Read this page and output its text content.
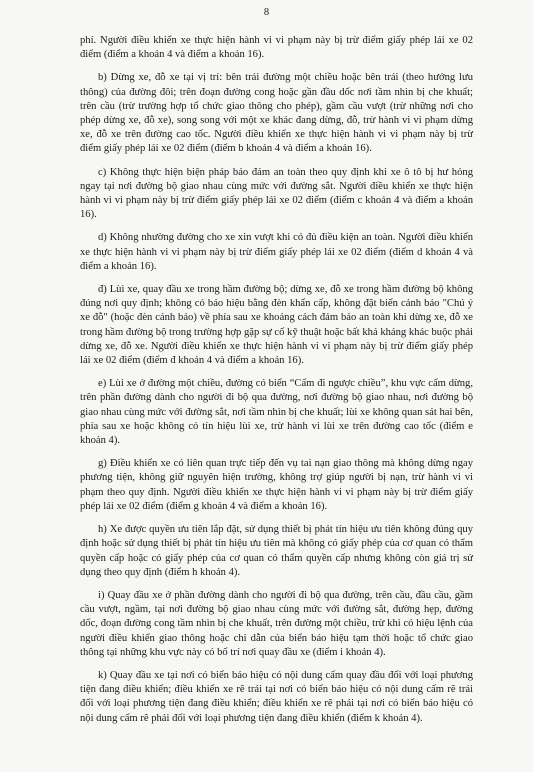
8

phí. Người điều khiển xe thực hiện hành vi vi phạm này bị trừ điểm giấy phép lái xe 02 điểm (điểm a khoản 4 và điểm a khoản 16).

b) Dừng xe, đỗ xe tại vị trí: bên trái đường một chiều hoặc bên trái (theo hướng lưu thông) của đường đôi; trên đoạn đường cong hoặc gần đầu dốc nơi tầm nhìn bị che khuất; trên cầu (trừ trường hợp tổ chức giao thông cho phép), gầm cầu vượt (trừ những nơi cho phép dừng xe, đỗ xe), song song với một xe khác đang dừng, đỗ, trừ hành vi vi phạm dừng xe, đỗ xe trên đường cao tốc. Người điều khiển xe thực hiện hành vi vi phạm này bị trừ điểm giấy phép lái xe 02 điểm (điểm b khoản 4 và điểm a khoản 16).

c) Không thực hiện biện pháp bảo đảm an toàn theo quy định khi xe ô tô bị hư hỏng ngay tại nơi đường bộ giao nhau cùng mức với đường sắt. Người điều khiển xe thực hiện hành vi vi phạm này bị trừ điểm giấy phép lái xe 02 điểm (điểm c khoản 4 và điểm a khoản 16).

d) Không nhường đường cho xe xin vượt khi có đủ điều kiện an toàn. Người điều khiển xe thực hiện hành vi vi phạm này bị trừ điểm giấy phép lái xe 02 điểm (điểm d khoản 4 và điểm a khoản 16).

đ) Lùi xe, quay đầu xe trong hầm đường bộ; dừng xe, đỗ xe trong hầm đường bộ không đúng nơi quy định; không có báo hiệu bằng đèn khẩn cấp, không đặt biển cảnh báo "Chú ý xe đỗ" (hoặc đèn cảnh báo) về phía sau xe khoảng cách đảm bảo an toàn khi dừng xe, đỗ xe trong hầm đường bộ trong trường hợp gặp sự cố kỹ thuật hoặc bất khả kháng khác buộc phải dừng xe, đỗ xe. Người điều khiển xe thực hiện hành vi vi phạm này bị trừ điểm giấy phép lái xe 02 điểm (điểm đ khoản 4 và điểm a khoản 16).

e) Lùi xe ở đường một chiều, đường có biển “Cấm đi ngược chiều”, khu vực cấm dừng, trên phần đường dành cho người đi bộ qua đường, nơi đường bộ giao nhau, nơi đường bộ giao nhau cùng mức với đường sắt, nơi tầm nhìn bị che khuất; lùi xe không quan sát hai bên, phía sau xe hoặc không có tín hiệu lùi xe, trừ hành vi lùi xe trên đường cao tốc (điểm e khoản 4).

g) Điều khiển xe có liên quan trực tiếp đến vụ tai nạn giao thông mà không dừng ngay phương tiện, không giữ nguyên hiện trường, không trợ giúp người bị nạn, trừ hành vi vi phạm theo quy định. Người điều khiển xe thực hiện hành vi vi phạm này bị trừ điểm giấy phép lái xe 02 điểm (điểm g khoản 4 và điểm a khoản 16).

h) Xe được quyền ưu tiên lắp đặt, sử dụng thiết bị phát tín hiệu ưu tiên không đúng quy định hoặc sử dụng thiết bị phát tín hiệu ưu tiên mà không có giấy phép của cơ quan có thẩm quyền cấp hoặc có giấy phép của cơ quan có thẩm quyền cấp nhưng không còn giá trị sử dụng theo quy định (điểm h khoản 4).

i) Quay đầu xe ở phần đường dành cho người đi bộ qua đường, trên cầu, đầu cầu, gầm cầu vượt, ngầm, tại nơi đường bộ giao nhau cùng mức với đường sắt, đường hẹp, đường dốc, đoạn đường cong tầm nhìn bị che khuất, trên đường một chiều, trừ khi có hiệu lệnh của người điều khiển giao thông hoặc chỉ dẫn của biển báo hiệu tạm thời hoặc tổ chức giao thông tại những khu vực này có bố trí nơi quay đầu xe (điểm i khoản 4).

k) Quay đầu xe tại nơi có biển báo hiệu có nội dung cấm quay đầu đối với loại phương tiện đang điều khiển; điều khiển xe rẽ trái tại nơi có biển báo hiệu có nội dung cấm rẽ trái đối với loại phương tiện đang điều khiển; điều khiển xe rẽ phải tại nơi có biển báo hiệu có nội dung cấm rẽ phải đối với loại phương tiện đang điều khiển (điểm k khoản 4).
